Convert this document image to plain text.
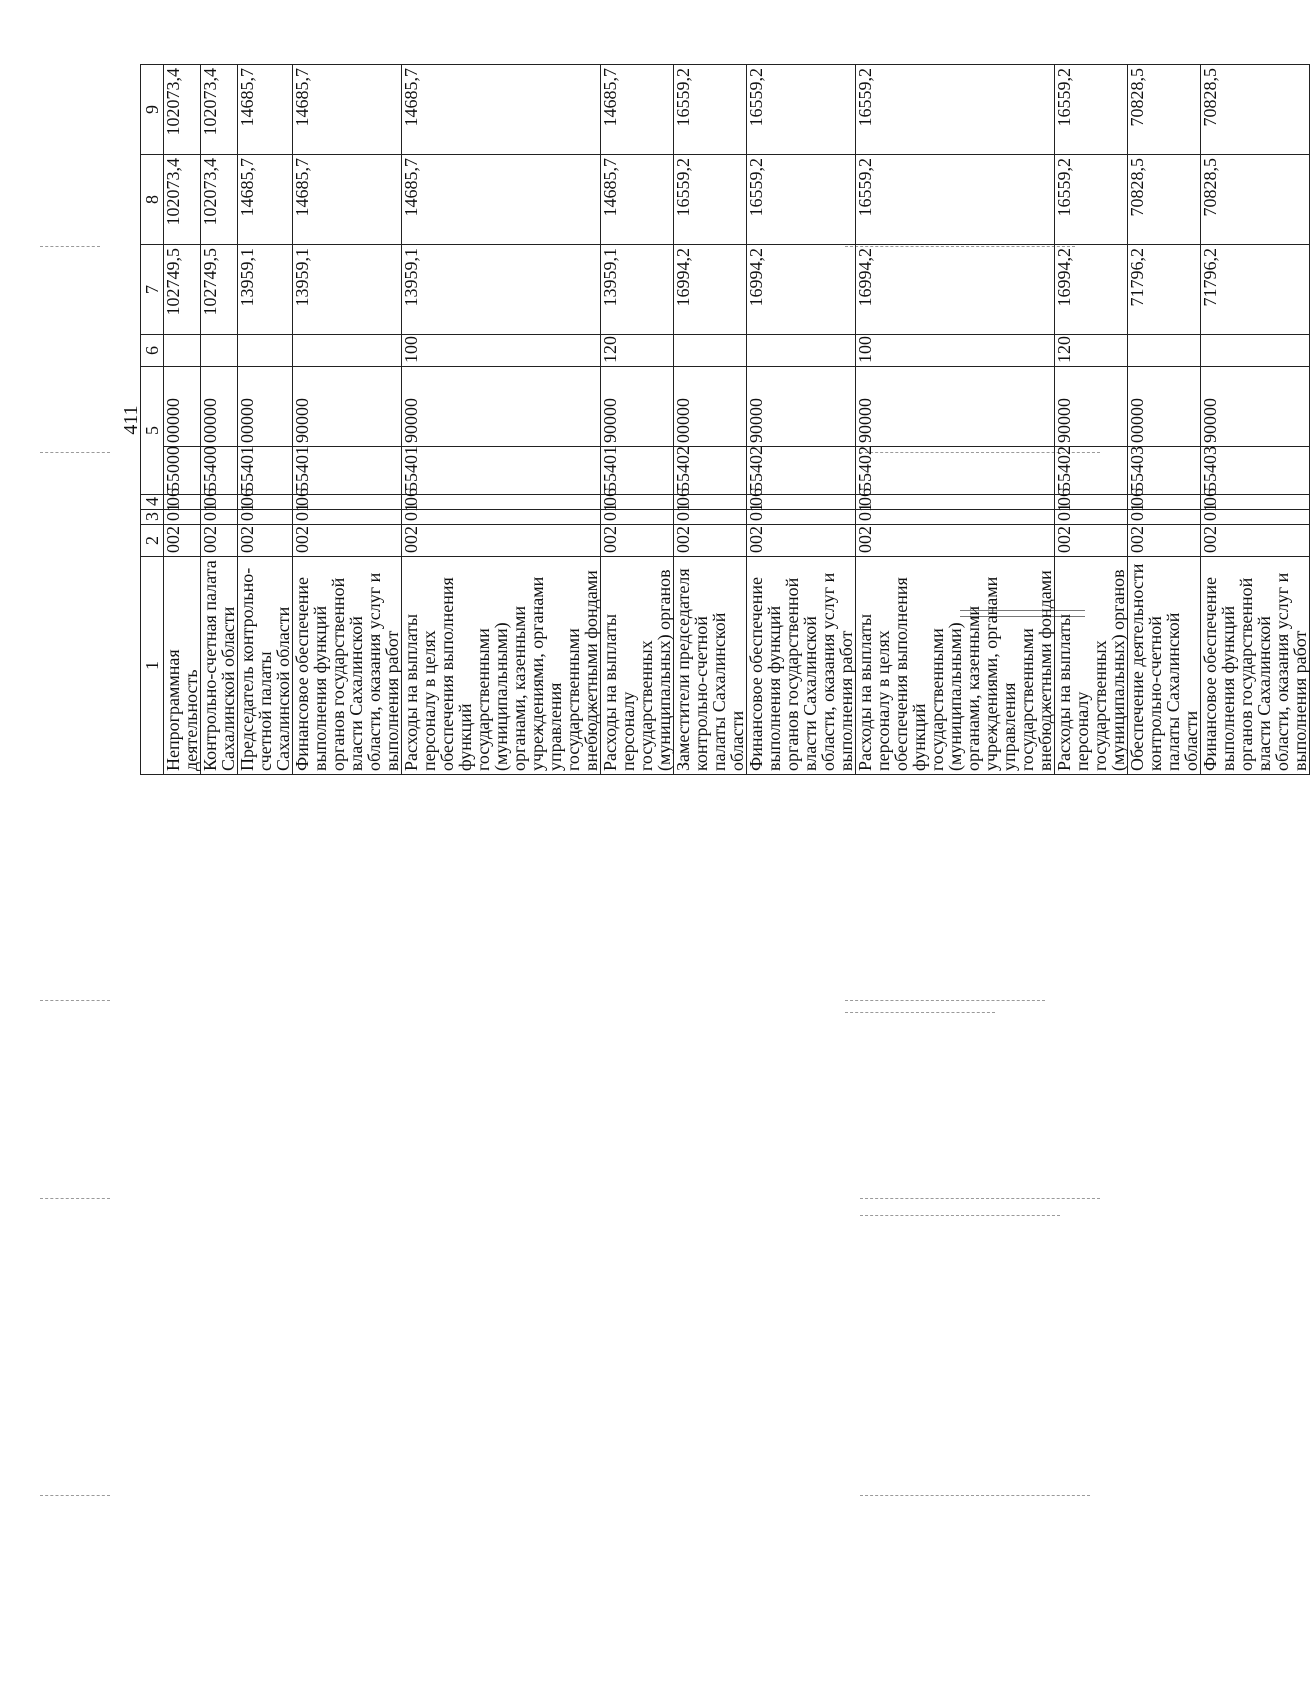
411
1	2	3	4	5		6	7	8	9
Непрограммная деятельность	002	01	06	55000	00000		102749,5	102073,4	102073,4
Контрольно-счетная палата Сахалинской области	002	01	06	55400	00000		102749,5	102073,4	102073,4
Председатель контрольно-счетной палаты Сахалинской области	002	01	06	55401	00000		13959,1	14685,7	14685,7
Финансовое обеспечение выполнения функций органов государственной власти Сахалинской области, оказания услуг и выполнения работ	002	01	06	55401	90000		13959,1	14685,7	14685,7
Расходы на выплаты персоналу в целях обеспечения выполнения функций государственными (муниципальными) органами, казенными учреждениями, органами управления государственными внебюджетными фондами	002	01	06	55401	90000	100	13959,1	14685,7	14685,7
Расходы на выплаты персоналу государственных (муниципальных) органов	002	01	06	55401	90000	120	13959,1	14685,7	14685,7
Заместители председателя контрольно-счетной палаты Сахалинской области	002	01	06	55402	00000		16994,2	16559,2	16559,2
Финансовое обеспечение выполнения функций органов государственной власти Сахалинской области, оказания услуг и выполнения работ	002	01	06	55402	90000		16994,2	16559,2	16559,2
Расходы на выплаты персоналу в целях обеспечения выполнения функций государственными (муниципальными) органами, казенными учреждениями, органами управления государственными внебюджетными фондами	002	01	06	55402	90000	100	16994,2	16559,2	16559,2
Расходы на выплаты персоналу государственных (муниципальных) органов	002	01	06	55402	90000	120	16994,2	16559,2	16559,2
Обеспечение деятельности контрольно-счетной палаты Сахалинской области	002	01	06	55403	00000		71796,2	70828,5	70828,5
Финансовое обеспечение выполнения функций органов государственной власти Сахалинской области, оказания услуг и выполнения работ	002	01	06	55403	90000		71796,2	70828,5	70828,5
